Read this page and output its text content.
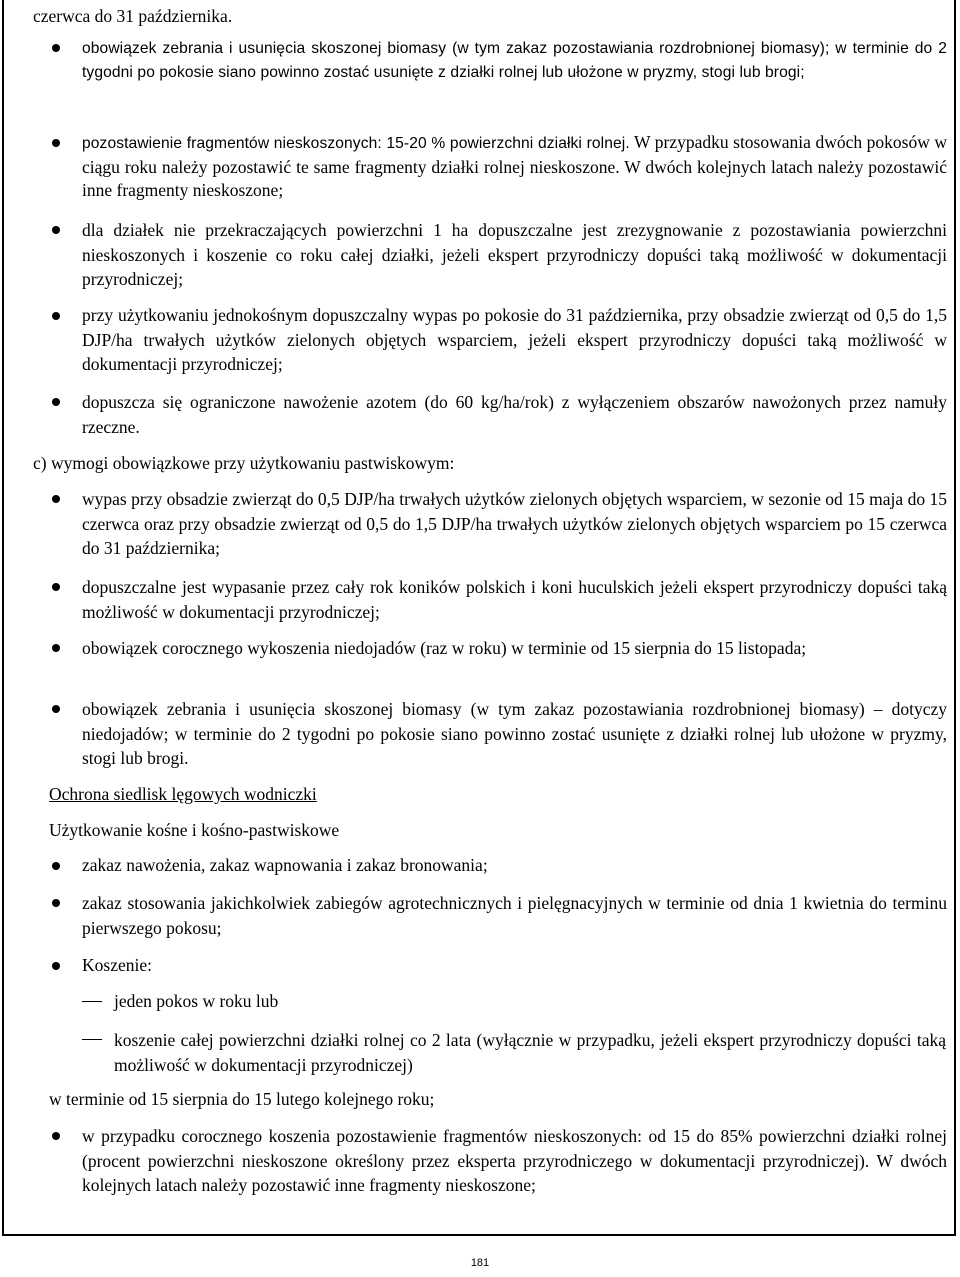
czerwca do 31 października.
obowiązek zebrania i usunięcia skoszonej biomasy (w tym zakaz pozostawiania rozdrobnionej biomasy); w terminie do 2 tygodni po pokosie siano powinno zostać usunięte z działki rolnej lub ułożone w pryzmy, stogi lub brogi;
pozostawienie fragmentów nieskoszonych: 15-20 % powierzchni działki rolnej. W przypadku stosowania dwóch pokosów w ciągu roku należy pozostawić te same fragmenty działki rolnej nieskoszone. W dwóch kolejnych latach należy pozostawić inne fragmenty nieskoszone;
dla działek nie przekraczających powierzchni 1 ha dopuszczalne jest zrezygnowanie z pozostawiania powierzchni nieskoszonych i koszenie co roku całej działki, jeżeli ekspert przyrodniczy dopuści taką możliwość w dokumentacji przyrodniczej;
przy użytkowaniu jednokośnym dopuszczalny wypas po pokosie do 31 października, przy obsadzie zwierząt od 0,5 do 1,5 DJP/ha trwałych użytków zielonych objętych wsparciem, jeżeli ekspert przyrodniczy dopuści taką możliwość w dokumentacji przyrodniczej;
dopuszcza się ograniczone nawożenie azotem (do 60 kg/ha/rok) z wyłączeniem obszarów nawożonych przez namuły rzeczne.
c) wymogi obowiązkowe przy użytkowaniu pastwiskowym:
wypas przy obsadzie zwierząt do 0,5 DJP/ha trwałych użytków zielonych objętych wsparciem, w sezonie od 15 maja do 15 czerwca oraz przy obsadzie zwierząt od 0,5 do 1,5 DJP/ha trwałych użytków zielonych objętych wsparciem po 15 czerwca do 31 października;
dopuszczalne jest wypasanie przez cały rok koników polskich i koni huculskich jeżeli ekspert przyrodniczy dopuści taką możliwość w dokumentacji przyrodniczej;
obowiązek corocznego wykoszenia niedojadów (raz w roku) w terminie od 15 sierpnia do 15 listopada;
obowiązek zebrania i usunięcia skoszonej biomasy (w tym zakaz pozostawiania rozdrobnionej biomasy) – dotyczy niedojadów; w terminie do 2 tygodni po pokosie siano powinno zostać usunięte z działki rolnej lub ułożone w pryzmy, stogi lub brogi.
Ochrona siedlisk lęgowych wodniczki
Użytkowanie kośne i kośno-pastwiskowe
zakaz nawożenia, zakaz wapnowania i zakaz bronowania;
zakaz stosowania jakichkolwiek zabiegów agrotechnicznych i pielęgnacyjnych w terminie od dnia 1 kwietnia do terminu pierwszego pokosu;
Koszenie:
jeden pokos w roku lub
koszenie całej powierzchni działki rolnej co 2 lata (wyłącznie w przypadku, jeżeli ekspert przyrodniczy dopuści taką możliwość w dokumentacji przyrodniczej)
w terminie od 15 sierpnia do 15 lutego kolejnego roku;
w przypadku corocznego koszenia pozostawienie fragmentów nieskoszonych: od 15 do 85% powierzchni działki rolnej (procent powierzchni nieskoszone określony przez eksperta przyrodniczego w dokumentacji przyrodniczej). W dwóch kolejnych latach należy pozostawić inne fragmenty nieskoszone;
181
